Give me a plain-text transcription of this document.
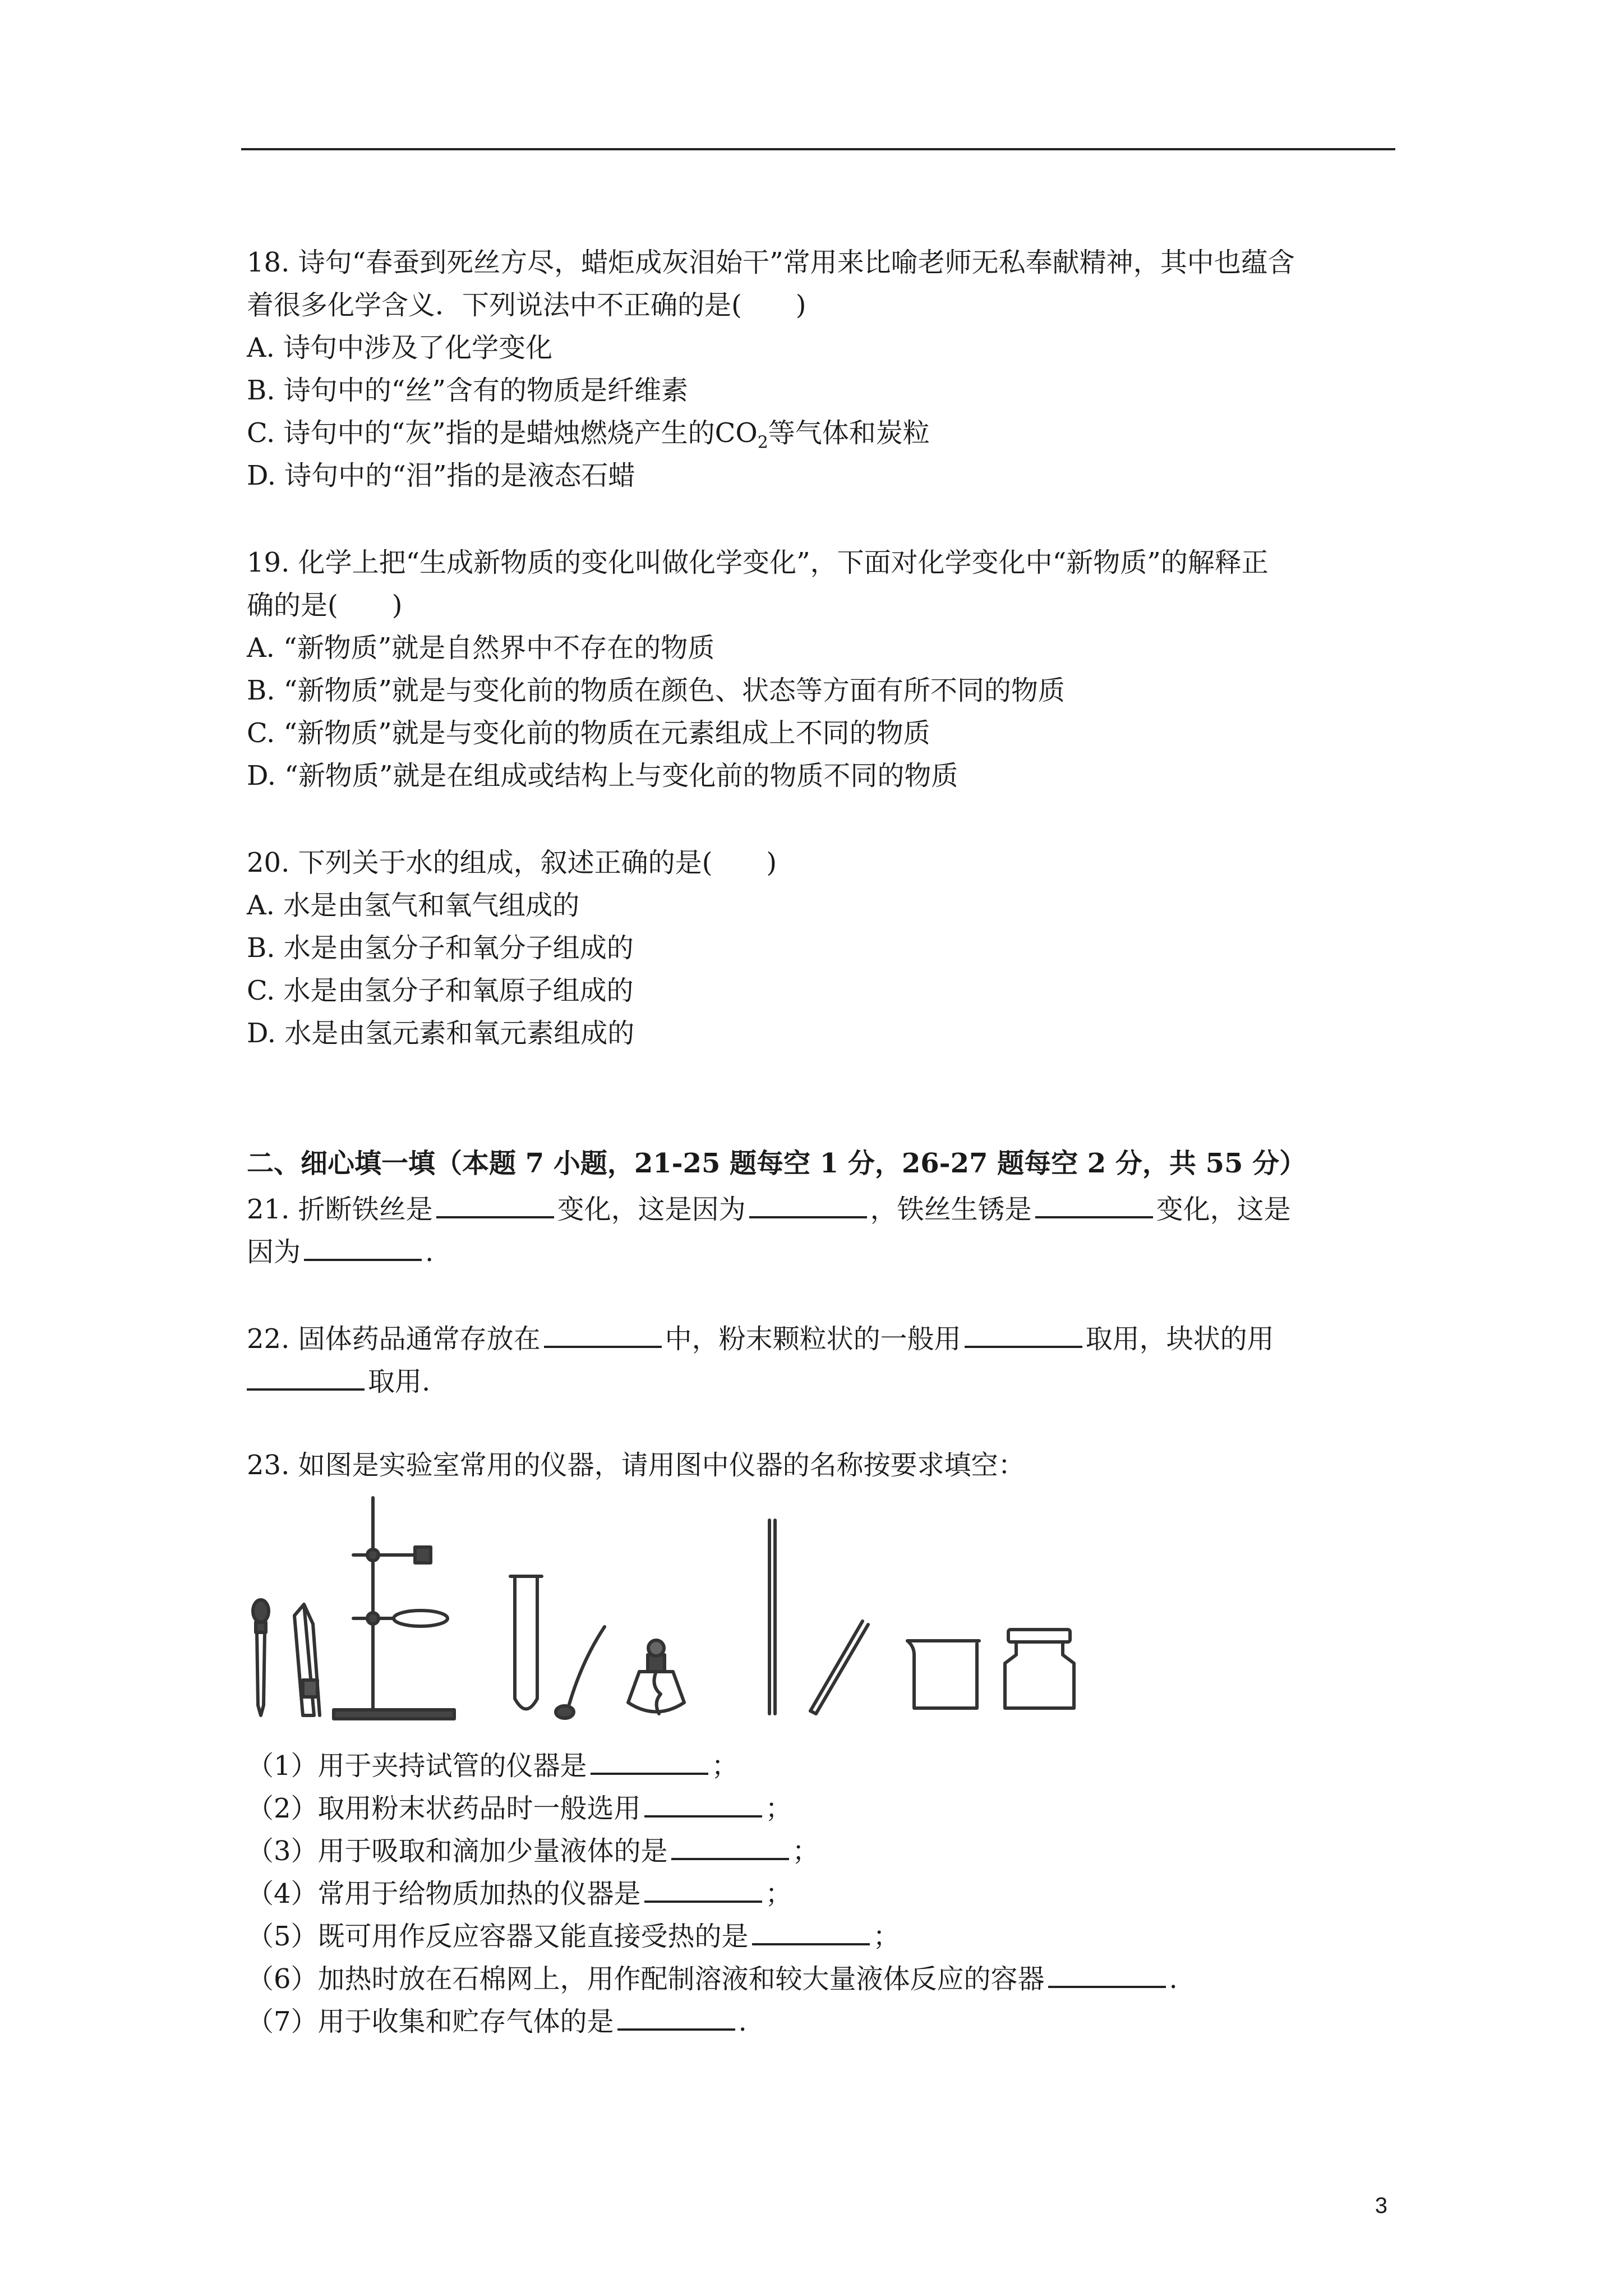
18. 诗句“春蚕到死丝方尽，蜡炬成灰泪始干”常用来比喻老师无私奉献精神，其中也蕴含
着很多化学含义．下列说法中不正确的是(　　)
A. 诗句中涉及了化学变化
B. 诗句中的“丝”含有的物质是纤维素
C. 诗句中的“灰”指的是蜡烛燃烧产生的$CO_2$等气体和炭粒
D. 诗句中的“泪”指的是液态石蜡
19. 化学上把“生成新物质的变化叫做化学变化”，下面对化学变化中“新物质”的解释正
确的是(　　)
A. “新物质”就是自然界中不存在的物质
B. “新物质”就是与变化前的物质在颜色、状态等方面有所不同的物质
C. “新物质”就是与变化前的物质在元素组成上不同的物质
D. “新物质”就是在组成或结构上与变化前的物质不同的物质
20. 下列关于水的组成，叙述正确的是(　　)
A. 水是由氢气和氧气组成的
B. 水是由氢分子和氧分子组成的
C. 水是由氢分子和氧原子组成的
D. 水是由氢元素和氧元素组成的
二、细心填一填（本题 7 小题，21-25 题每空 1 分，26-27 题每空 2 分，共 55 分）
21. 折断铁丝是	变化，这是因为	，铁丝生锈是	变化，这是
因为	.
22. 固体药品通常存放在	中，粉末颗粒状的一般用	取用，块状的用
取用.
23. 如图是实验室常用的仪器，请用图中仪器的名称按要求填空：
（1）用于夹持试管的仪器是	；
（2）取用粉末状药品时一般选用	；
（3）用于吸取和滴加少量液体的是	；
（4）常用于给物质加热的仪器是	；
（5）既可用作反应容器又能直接受热的是	；
（6）加热时放在石棉网上，用作配制溶液和较大量液体反应的容器	.
（7）用于收集和贮存气体的是	.
3
